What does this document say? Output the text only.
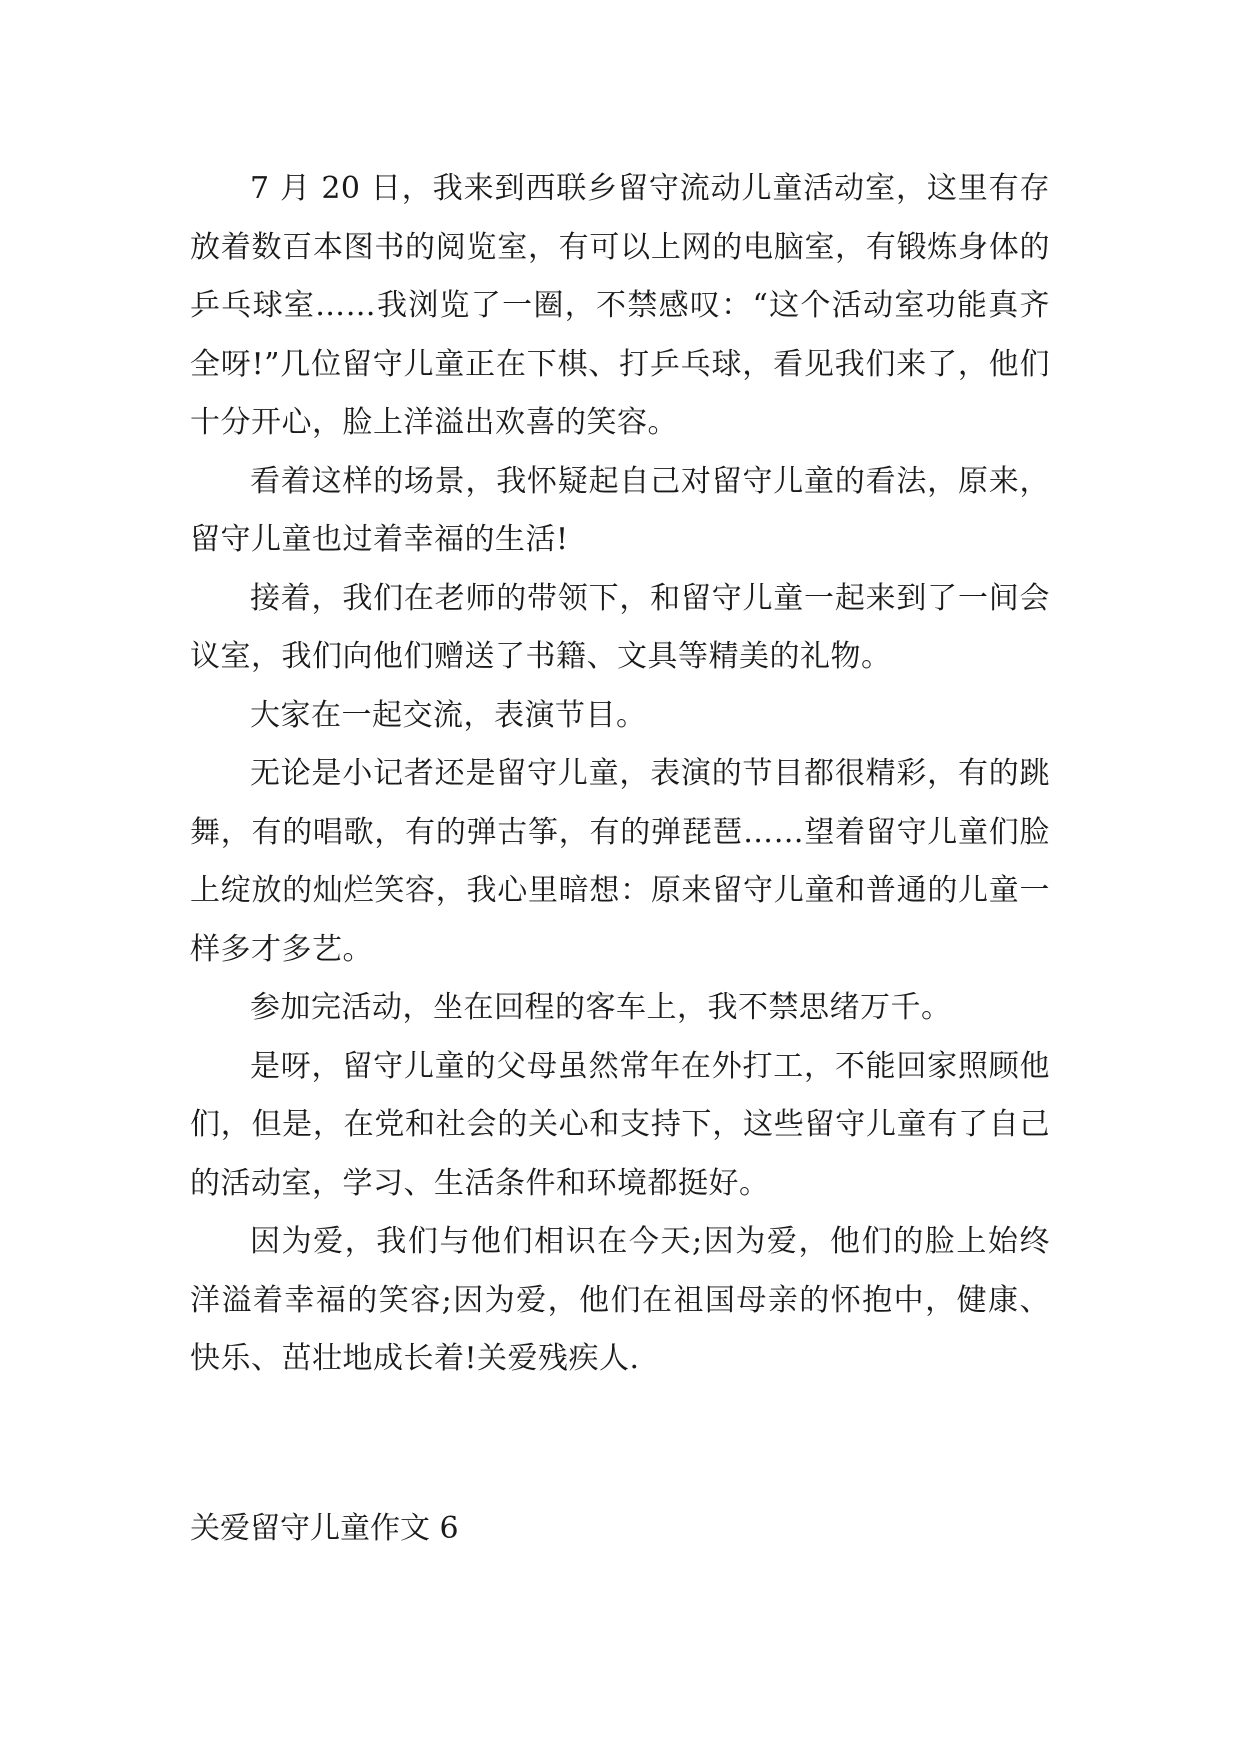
7 月 20 日，我来到西联乡留守流动儿童活动室，这里有存放着数百本图书的阅览室，有可以上网的电脑室，有锻炼身体的乒乓球室……我浏览了一圈，不禁感叹：“这个活动室功能真齐全呀!”几位留守儿童正在下棋、打乒乓球，看见我们来了，他们十分开心，脸上洋溢出欢喜的笑容。

看着这样的场景，我怀疑起自己对留守儿童的看法，原来，留守儿童也过着幸福的生活!

接着，我们在老师的带领下，和留守儿童一起来到了一间会议室，我们向他们赠送了书籍、文具等精美的礼物。

大家在一起交流，表演节目。

无论是小记者还是留守儿童，表演的节目都很精彩，有的跳舞，有的唱歌，有的弹古筝，有的弹琵琶……望着留守儿童们脸上绽放的灿烂笑容，我心里暗想：原来留守儿童和普通的儿童一样多才多艺。

参加完活动，坐在回程的客车上，我不禁思绪万千。

是呀，留守儿童的父母虽然常年在外打工，不能回家照顾他们，但是，在党和社会的关心和支持下，这些留守儿童有了自己的活动室，学习、生活条件和环境都挺好。

因为爱，我们与他们相识在今天;因为爱，他们的脸上始终洋溢着幸福的笑容;因为爱，他们在祖国母亲的怀抱中，健康、快乐、茁壮地成长着!关爱残疾人.

关爱留守儿童作文 6
